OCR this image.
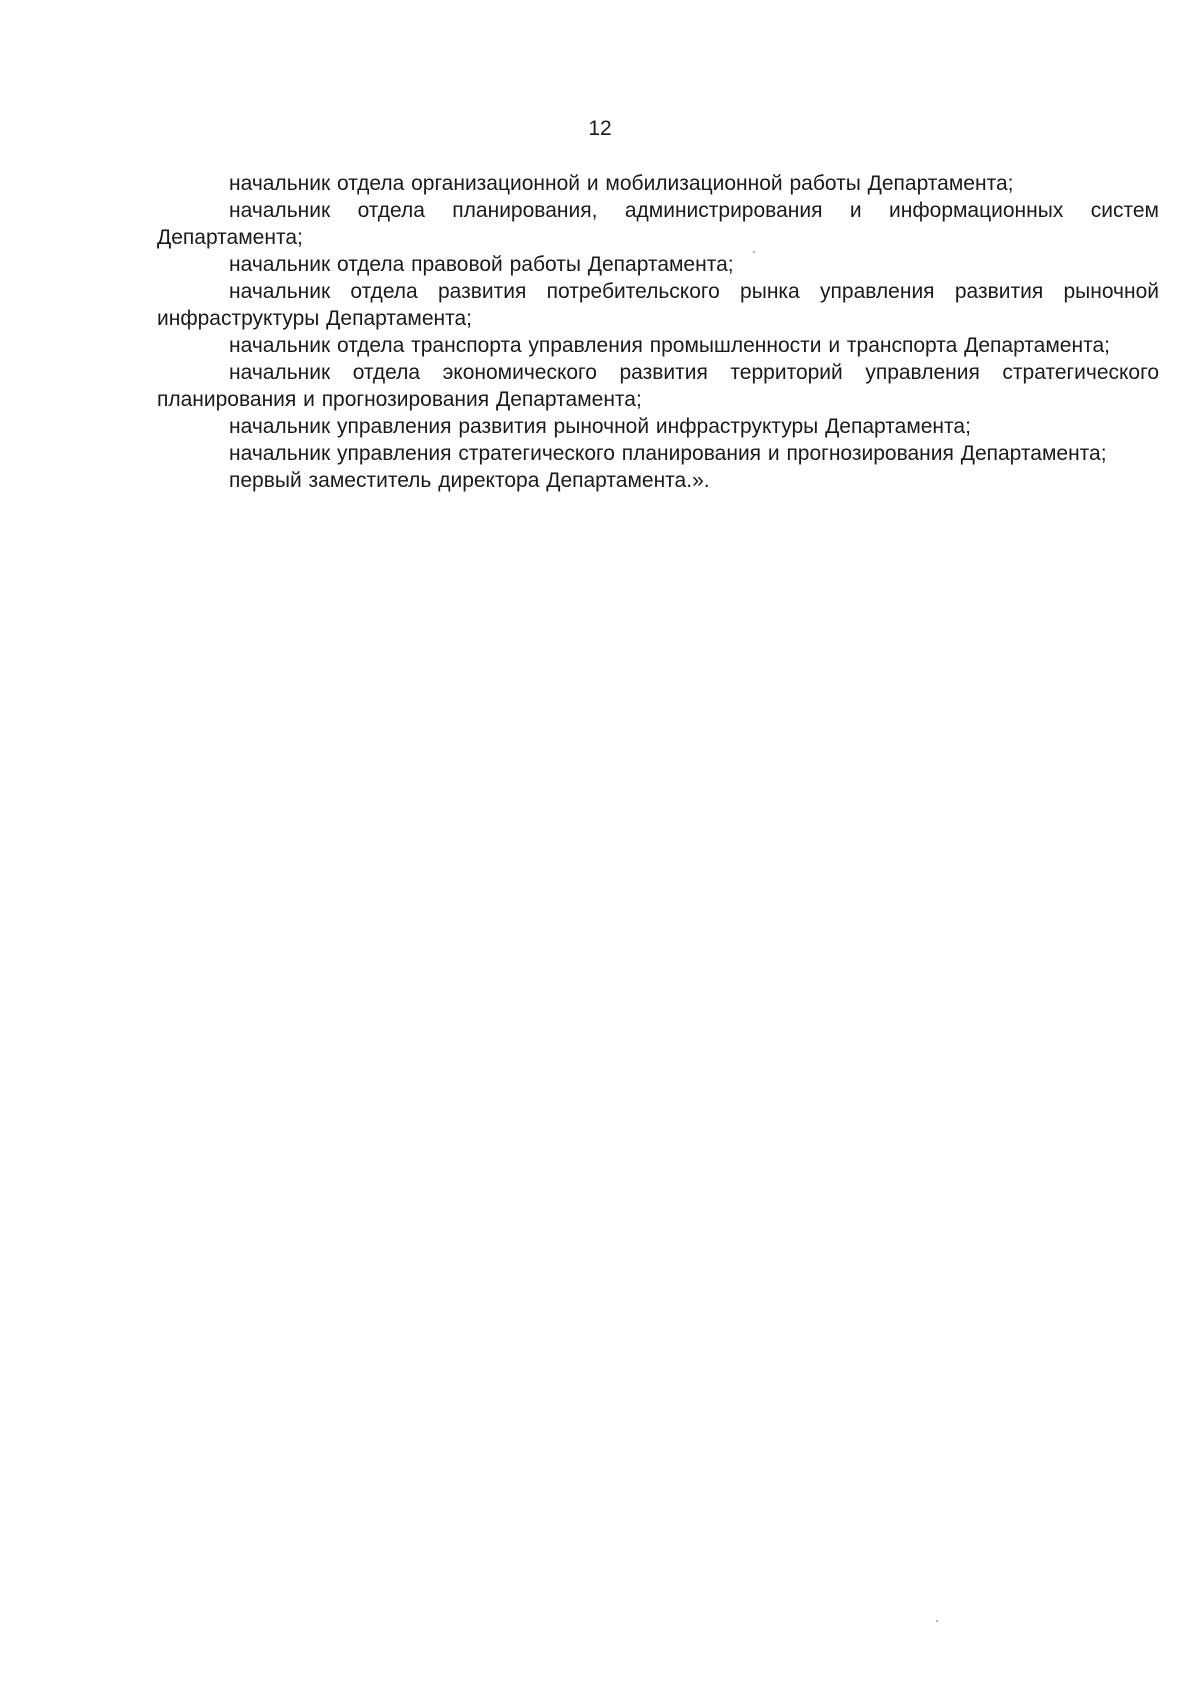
12

начальник отдела организационной и мобилизационной работы Департамента;

начальник отдела планирования, администрирования и информационных систем Департамента;

начальник отдела правовой работы Департамента;

начальник отдела развития потребительского рынка управления развития рыночной инфраструктуры Департамента;

начальник отдела транспорта управления промышленности и транспорта Департамента;

начальник отдела экономического развития территорий управления стратегического планирования и прогнозирования Департамента;

начальник управления развития рыночной инфраструктуры Департамента;

начальник управления стратегического планирования и прогнозирования Департамента;

первый заместитель директора Департамента.».
